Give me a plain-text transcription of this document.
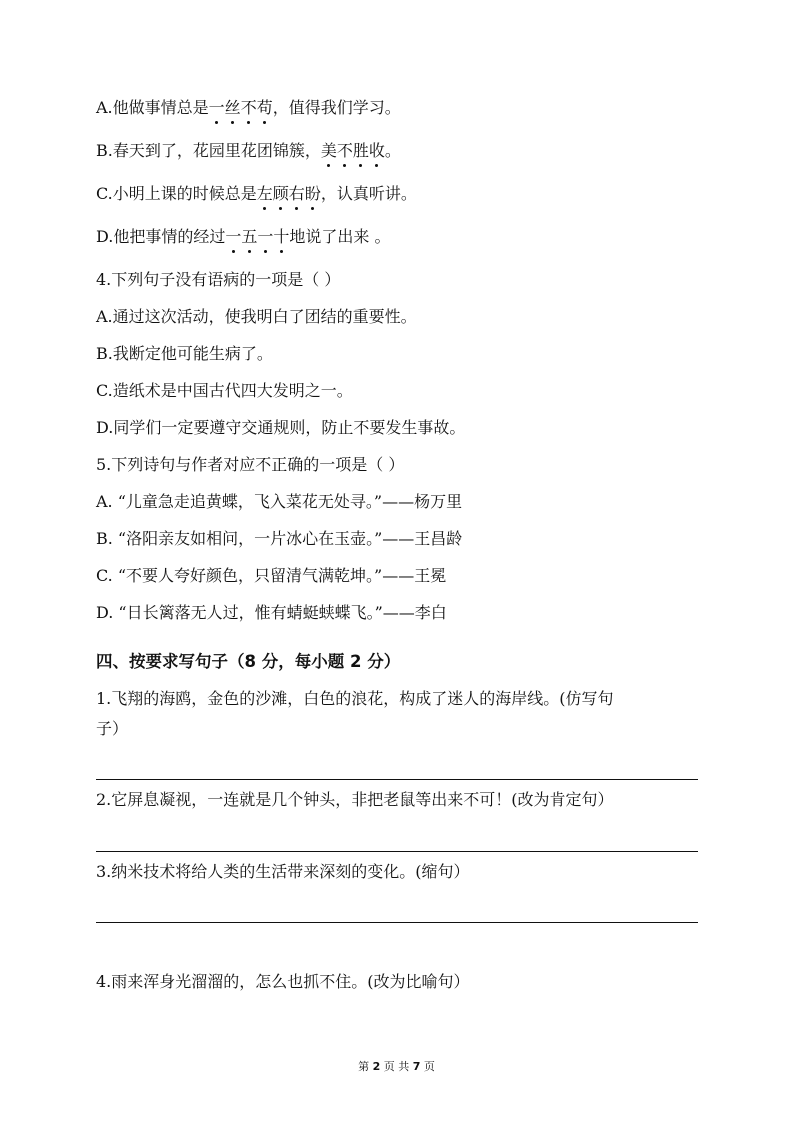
A.他做事情总是一丝不苟，值得我们学习。
B.春天到了，花园里花团锦簇，美不胜收。
C.小明上课的时候总是左顾右盼，认真听讲。
D.他把事情的经过一五一十地说了出来 。
4.下列句子没有语病的一项是（ ）
A.通过这次活动，使我明白了团结的重要性。
B.我断定他可能生病了。
C.造纸术是中国古代四大发明之一。
D.同学们一定要遵守交通规则，防止不要发生事故。
5.下列诗句与作者对应不正确的一项是（ ）
A. “儿童急走追黄蝶，飞入菜花无处寻。”——杨万里
B. “洛阳亲友如相问，一片冰心在玉壶。”——王昌龄
C. “不要人夸好颜色，只留清气满乾坤。”——王冕
D. “日长篱落无人过，惟有蜻蜓蛱蝶飞。”——李白
四、按要求写句子（8 分，每小题 2 分）
1.飞翔的海鸥，金色的沙滩，白色的浪花，构成了迷人的海岸线。(仿写句
子）
2.它屏息凝视，一连就是几个钟头，非把老鼠等出来不可！(改为肯定句）
3.纳米技术将给人类的生活带来深刻的变化。(缩句）
4.雨来浑身光溜溜的，怎么也抓不住。(改为比喻句）
第 2 页 共 7 页
